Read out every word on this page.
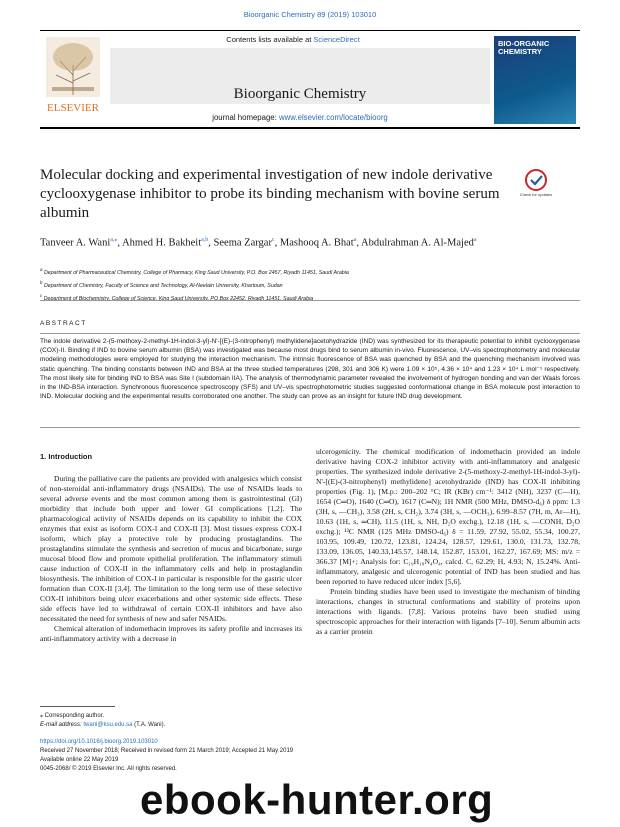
Bioorganic Chemistry 89 (2019) 103010
ELSEVIER
Contents lists available at ScienceDirect
Bioorganic Chemistry
journal homepage: www.elsevier.com/locate/bioorg
BIO-ORGANIC CHEMISTRY
Molecular docking and experimental investigation of new indole derivative cyclooxygenase inhibitor to probe its binding mechanism with bovine serum albumin
Check for updates
Tanveer A. Wani$^{a,⁎}$, Ahmed H. Bakheit$^{a,b}$, Seema Zargar$^c$, Mashooq A. Bhat$^a$, Abdulrahman A. Al-Majed$^a$
$^a$ Department of Pharmaceutical Chemistry, College of Pharmacy, King Saud University, P.O. Box 2457, Riyadh 11451, Saudi Arabia
$^b$ Department of Chemistry, Faculty of Science and Technology, Al-Neelain University, Khartoum, Sudan
$^c$ Department of Biochemistry, College of Science, King Saud University, PO Box 22452, Riyadh 11451, Saudi Arabia
ABSTRACT
The indole derivative 2-(5-methoxy-2-methyl-1H-indol-3-yl)-N'-[(E)-(3-nitrophenyl) methylidene]acetohydrazide (IND) was synthesized for its therapeutic potential to inhibit cyclooxygenase (COX)-II. Binding if IND to bovine serum albumin (BSA) was investigated was because most drugs bind to serum albumin in-vivo. Fluorescence, UV–vis spectrophotometry and molecular modeling methodologies were employed for studying the interaction mechanism. The intrinsic fluorescence of BSA was quenched by BSA and the quenching mechanism involved was static quenching. The binding constants between IND and BSA at the three studied temperatures (298, 301 and 306 K) were 1.09 × 10⁵, 4.36 × 10⁴ and 1.23 × 10⁴ L mol⁻¹ respectively. The most likely site for binding IND to BSA was Site I (subdomain IIA). The analysis of thermodynamic parameter revealed the involvement of hydrogen bonding and van der Waals forces in the IND-BSA interaction. Synchronous fluorescence spectroscopy (SFS) and UV–vis spectrophotometric studies suggested conformational change in BSA molecule post interaction to IND. Molecular docking and the experimental results corroborated one another. The study can prove as an insight for future IND drug development.
1. Introduction

During the palliative care the patients are provided with analgesics which consist of non-steroidal anti-inflammatory drugs (NSAIDs). The use of NSAIDs leads to several adverse events and the most common among them is gastrointestinal (GI) morbidity that include both upper and lower GI complications [1,2]. The pharmacological activity of NSAIDs depends on its capability to inhibit the COX enzymes that exist as isoform COX-I and COX-II [3]. Most tissues express COX-I isoform, which play a protective role by producing prostaglandins. The prostaglandins stimulate the synthesis and secretion of mucus and bicarbonate, surge mucosal blood flow and promote epithelial proliferation. The inflammatory stimuli cause induction of COX-II in the inflammatory cells and help in prostaglandin biosynthesis. The inhibition of COX-I in particular is responsible for the gastric ulcer formation than COX-II [3,4]. The limitation to the long term use of these selective COX-II inhibitors being ulcer exacerbations and other systemic side effects. These side effects have led to withdrawal of certain COX-II inhibitors and have also necessitated the need for synthesis of new and safer NSAIDs.

Chemical alteration of indomethacin improves its safety profile and increases its anti-inflammatory activity with a decrease in

ulcerogenicity. The chemical modification of indomethacin provided an indole derivative having COX-2 inhibitor activity with anti-inflammatory and analgesic properties. The synthesized indole derivative 2-(5-methoxy-2-methyl-1H-indol-3-yl)-N'-[(E)-(3-nitrophenyl) methylidene] acetohydrazide (IND) has COX-II inhibiting properties (Fig. 1), [M.p.: 200–202 °C; IR (KBr) cm⁻¹: 3412 (NH), 3237 (C—H), 1654 (C═O), 1640 (C═O), 1617 (C═N); 1H NMR (500 MHz, DMSO-d₆) δ ppm: 1.3 (3H, s, —CH₃), 3.58 (2H, s, CH₂), 3.74 (3H, s, —OCH₃), 6.99–8.57 (7H, m, Ar—H), 10.63 (1H, s, ═CH), 11.5 (1H, s, NH, D₂O exchg.), 12.18 (1H, s, —CONH, D₂O exchg.); ¹³C NMR (125 MHz DMSO-d₆) δ = 11.59, 27.92, 55.02, 55.34, 100.27, 103.95, 109.49, 120.72, 123.81, 124.24, 128.57, 129.61, 130.0, 131.73, 132.78, 133.09, 136.05, 140.33,145.57, 148.14, 152.87, 153.01, 162.27, 167.69; MS: m/z = 366.37 [M]+; Analysis for: C₁₉H₁₈N₄O₄, calcd. C, 62.29; H, 4.93; N, 15.24%. Anti-inflammatory, analgesic and ulcerogenic potential of IND has been studied and has been reported to have reduced ulcer index [5,6].

Protein binding studies have been used to investigate the mechanism of binding interactions, changes in structural conformations and stability of proteins upon interactions with ligands. [7,8]. Various proteins have been studied using spectroscopic approaches for their interaction with ligands [7–10]. Serum albumin acts as a carrier protein

⁎ Corresponding author.
E-mail address: twani@ksu.edu.sa (T.A. Wani).
https://doi.org/10.1016/j.bioorg.2019.103010
Received 27 November 2018; Received in revised form 21 March 2019; Accepted 21 May 2019
Available online 22 May 2019
0045-2068/ © 2019 Elsevier Inc. All rights reserved.
ebook-hunter.org
